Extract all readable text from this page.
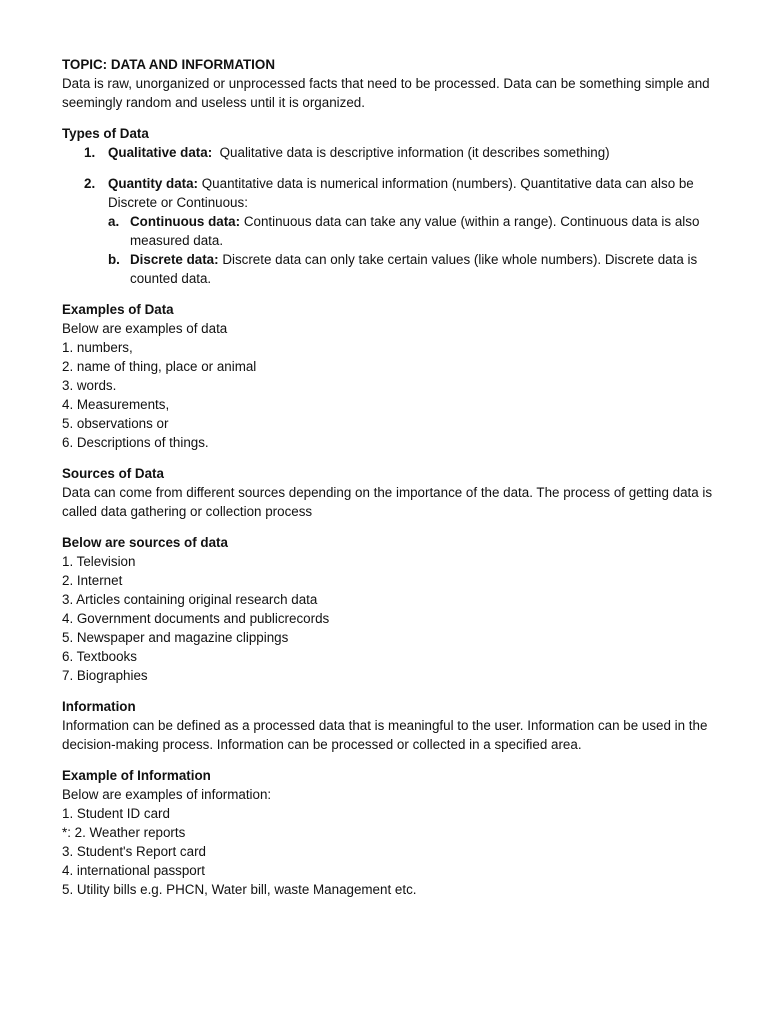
TOPIC: DATA AND INFORMATION

Data is raw, unorganized or unprocessed facts that need to be processed. Data can be something simple and seemingly random and useless until it is organized.

Types of Data

1. Qualitative data: Qualitative data is descriptive information (it describes something)
2. Quantity data: Quantitative data is numerical information (numbers). Quantitative data can also be Discrete or Continuous:
a. Continuous data: Continuous data can take any value (within a range). Continuous data is also measured data.
b. Discrete data: Discrete data can only take certain values (like whole numbers). Discrete data is counted data.

Examples of Data

Below are examples of data

1. numbers,

2. name of thing, place or animal

3. words.

4. Measurements,

5. observations or

6. Descriptions of things.

Sources of Data

Data can come from different sources depending on the importance of the data. The process of getting data is called data gathering or collection process

Below are sources of data

1. Television

2. Internet

3. Articles containing original research data

4. Government documents and publicrecords

5. Newspaper and magazine clippings

6. Textbooks

7. Biographies

Information

Information can be defined as a processed data that is meaningful to the user. Information can be used in the decision-making process. Information can be processed or collected in a specified area.

Example of Information

Below are examples of information:

1. Student ID card

*: 2. Weather reports

3. Student's Report card

4. international passport

5. Utility bills e.g. PHCN, Water bill, waste Management etc.
